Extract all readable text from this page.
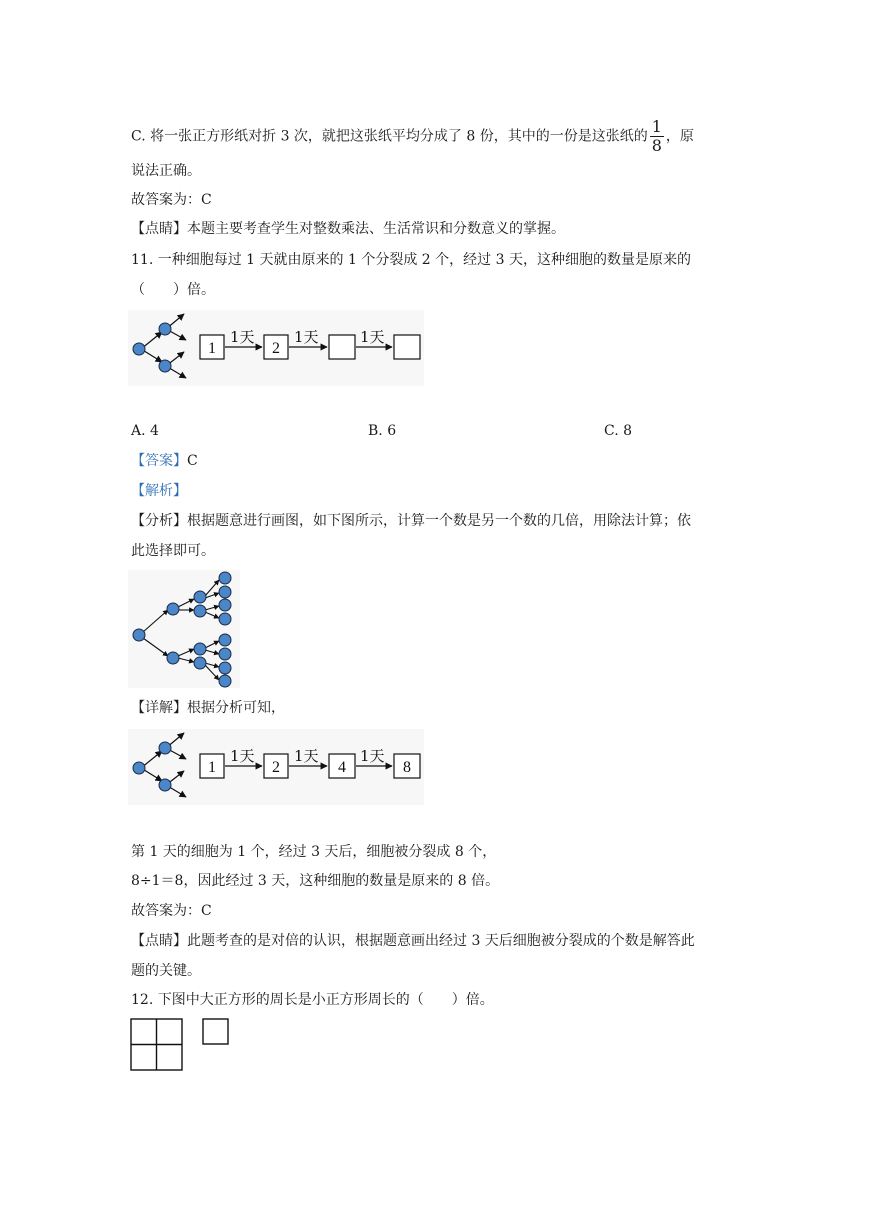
C. 将一张正方形纸对折 3 次，就把这张纸平均分成了 8 份，其中的一份是这张纸的 $\frac{1}{8}$ ，原
说法正确。
故答案为：C
【点睛】本题主要考查学生对整数乘法、生活常识和分数意义的掌握。
11. 一种细胞每过 1 天就由原来的 1 个分裂成 2 个，经过 3 天，这种细胞的数量是原来的
（　　）倍。
1
1天
2
1天	1天
A. 4	B. 6	C. 8
【答案】C
【解析】
【分析】根据题意进行画图，如下图所示，计算一个数是另一个数的几倍，用除法计算；依
此选择即可。
【详解】根据分析可知，
1
1天
2
1天
4
1天
8
第 1 天的细胞为 1 个，经过 3 天后，细胞被分裂成 8 个，
8÷1＝8，因此经过 3 天，这种细胞的数量是原来的 8 倍。
故答案为：C
【点睛】此题考查的是对倍的认识，根据题意画出经过 3 天后细胞被分裂成的个数是解答此
题的关键。
12. 下图中大正方形的周长是小正方形周长的（　　）倍。
